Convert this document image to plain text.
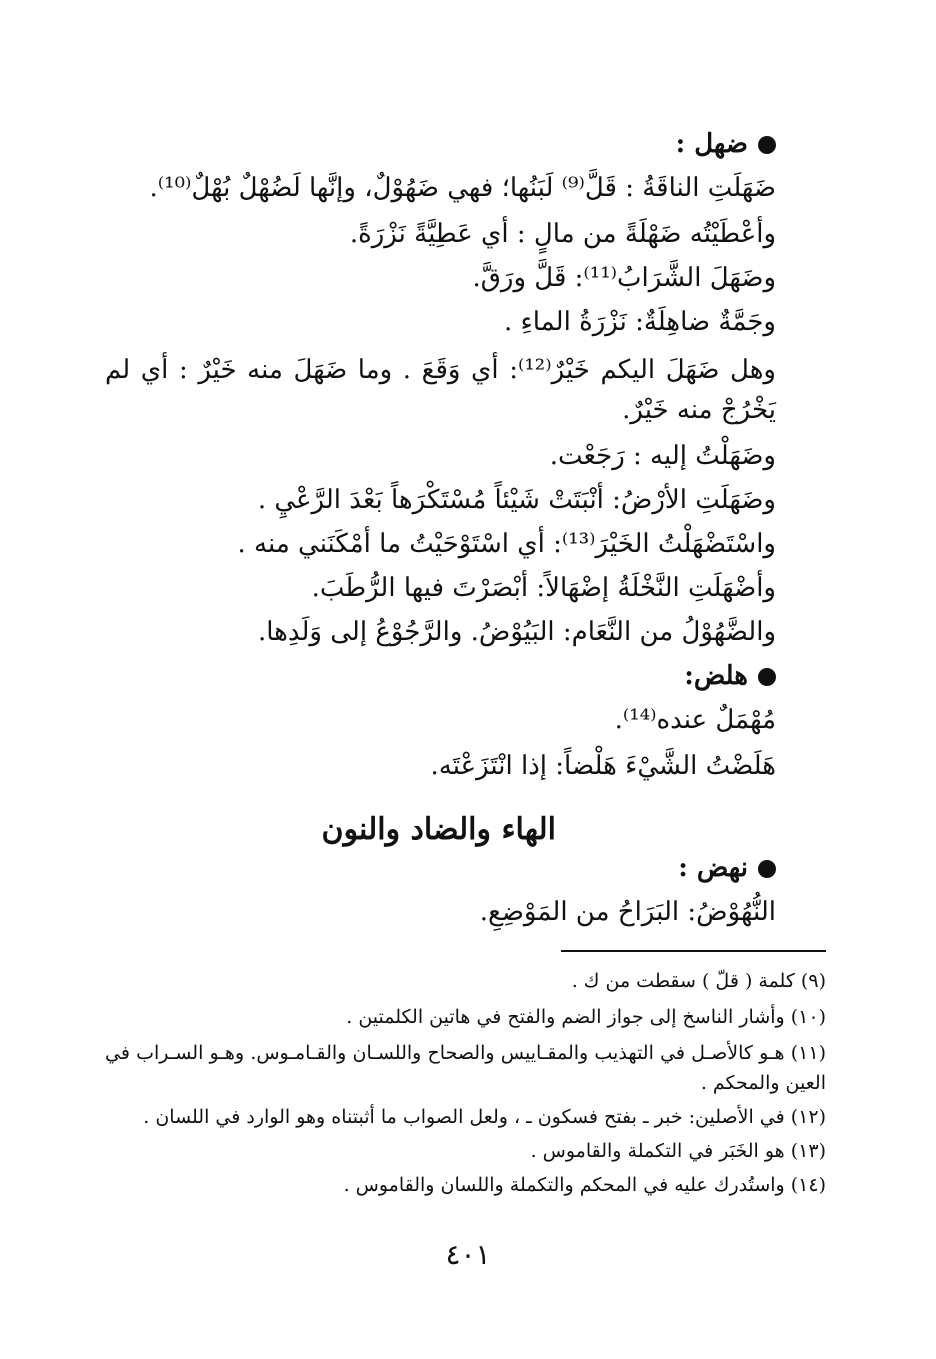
ضهل :
ضَهَلَتِ الناقَةُ : قَلَّ⁽⁹⁾ لَبَنُها؛ فهي ضَهُوْلٌ، وإنَّها لَضُهْلٌ بُهْلٌ⁽¹⁰⁾.
وأعْطَيْتُه ضَهْلَةً من مالٍ : أي عَطِيَّةً نَزْرَةً.
وضَهَلَ الشَّرَابُ⁽¹¹⁾: قَلَّ ورَقَّ.
وجَمَّةٌ ضاهِلَةٌ: نَزْرَةُ الماءِ .
وهل ضَهَلَ اليكم خَيْرٌ⁽¹²⁾: أي وَقَعَ . وما ضَهَلَ منه خَيْرٌ : أي لم يَخْرُجْ منه خَيْرٌ.
وضَهَلْتُ إليه : رَجَعْت.
وضَهَلَتِ الأرْضُ: أنْبَتَتْ شَيْئاً مُسْتَكْرَهاً بَعْدَ الرَّعْيِ .
واسْتَضْهَلْتُ الخَيْرَ⁽¹³⁾: أي اسْتَوْحَيْتُ ما أمْكَنَني منه .
وأضْهَلَتِ النَّخْلَةُ إضْهَالاً: أبْصَرْتَ فيها الرُّطَبَ.
والضَّهُوْلُ من النَّعَام: البَيُوْضُ. والرَّجُوْعُ إلى وَلَدِها.
هلض:
مُهْمَلٌ عنده⁽¹⁴⁾.
هَلَضْتُ الشَّيْءَ هَلْضاً: إذا انْتَزَعْتَه.
الهاء والضاد والنون
نهض :
النُّهُوْضُ: البَرَاحُ من المَوْضِعِ.
(٩) كلمة ( قلّ ) سقطت من ك .
(١٠) وأشار الناسخ إلى جواز الضم والفتح في هاتين الكلمتين .
(١١) هـو كالأصـل في التهذيب والمقـاييس والصحاح واللسـان والقـامـوس. وهـو السـراب في العين والمحكم .
(١٢) في الأصلين: خبر ـ بفتح فسكون ـ ، ولعل الصواب ما أثبتناه وهو الوارد في اللسان .
(١٣) هو الخَبَر في التكملة والقاموس .
(١٤) واستُدرك عليه في المحكم والتكملة واللسان والقاموس .
٤٠١
